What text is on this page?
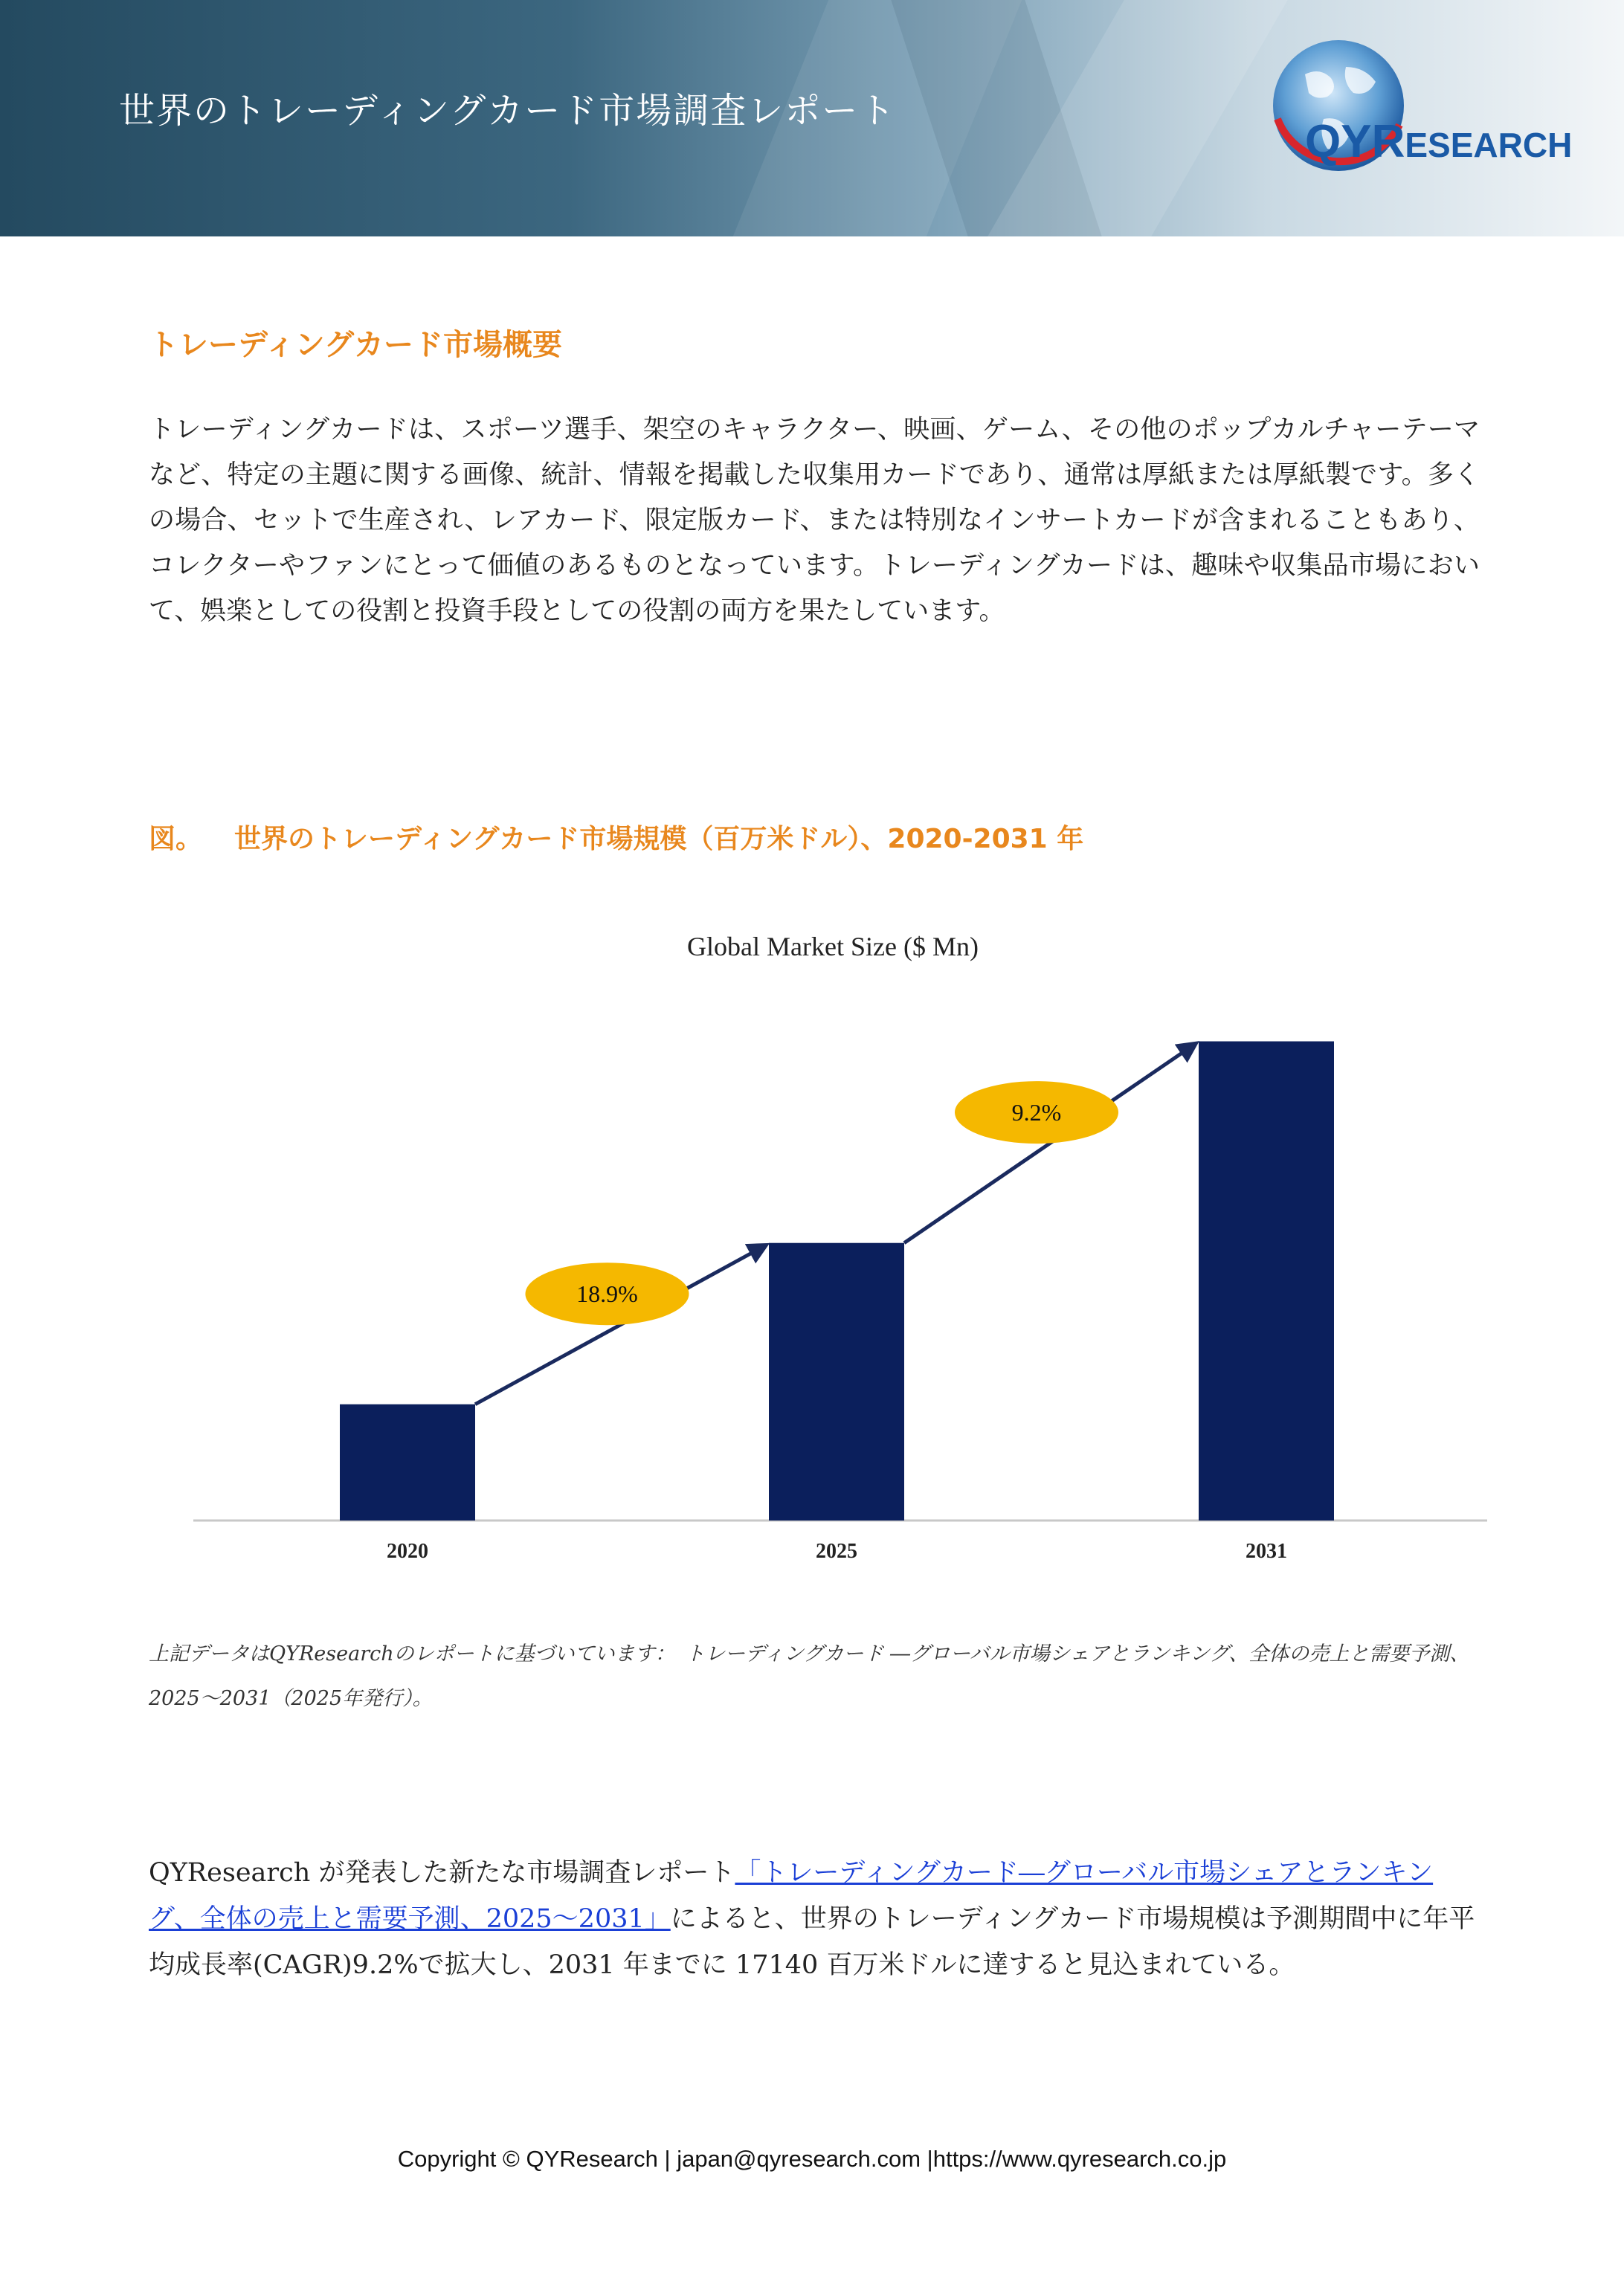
世界のトレーディングカード市場調査レポート
QYRESEARCH
トレーディングカード市場概要
トレーディングカードは、スポーツ選手、架空のキャラクター、映画、ゲーム、その他のポップカルチャーテーマなど、特定の主題に関する画像、統計、情報を掲載した収集用カードであり、通常は厚紙または厚紙製です。多くの場合、セットで生産され、レアカード、限定版カード、または特別なインサートカードが含まれることもあり、コレクターやファンにとって価値のあるものとなっています。トレーディングカードは、趣味や収集品市場において、娯楽としての役割と投資手段としての役割の両方を果たしています。
図。 世界のトレーディングカード市場規模（百万米ドル）、2020-2031 年
Global Market Size ($ Mn)
2020	2025	2031
18.9%
9.2%
上記データはQYResearchのレポートに基づいています：　トレーディングカード ―グローバル市場シェアとランキング、全体の売上と需要予測、2025～2031（2025年発行）。
QYResearch が発表した新たな市場調査レポート「トレーディングカード―グローバル市場シェアとランキング、全体の売上と需要予測、2025～2031」によると、世界のトレーディングカード市場規模は予測期間中に年平均成長率(CAGR)9.2%で拡大し、2031 年までに 17140 百万米ドルに達すると見込まれている。
Copyright © QYResearch | japan@qyresearch.com |https://www.qyresearch.co.jp
